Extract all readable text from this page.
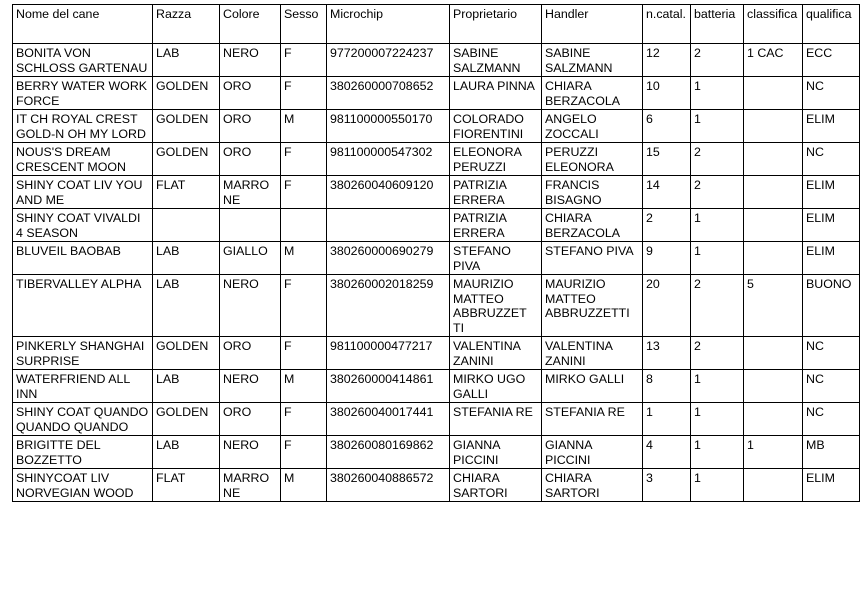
Nome del cane	Razza	Colore	Sesso	Microchip	Proprietario	Handler	n.catal.	batteria	classifica	qualifica
BONITA VON SCHLOSS GARTENAU	LAB	NERO	F	977200007224237	SABINE SALZMANN	SABINE SALZMANN	12	2	1 CAC	ECC
BERRY WATER WORK FORCE	GOLDEN	ORO	F	380260000708652	LAURA PINNA	CHIARA BERZACOLA	10	1		NC
IT CH ROYAL CREST GOLD-N OH MY LORD	GOLDEN	ORO	M	981100000550170	COLORADO FIORENTINI	ANGELO ZOCCALI	6	1		ELIM
NOUS'S DREAM CRESCENT MOON	GOLDEN	ORO	F	981100000547302	ELEONORA PERUZZI	PERUZZI ELEONORA	15	2		NC
SHINY COAT LIV YOU AND ME	FLAT	MARRO NE	F	380260040609120	PATRIZIA ERRERA	FRANCIS BISAGNO	14	2		ELIM
SHINY COAT VIVALDI 4 SEASON					PATRIZIA ERRERA	CHIARA BERZACOLA	2	1		ELIM
BLUVEIL BAOBAB	LAB	GIALLO	M	380260000690279	STEFANO PIVA	STEFANO PIVA	9	1		ELIM
TIBERVALLEY ALPHA	LAB	NERO	F	380260002018259	MAURIZIO MATTEO ABBRUZZET TI	MAURIZIO MATTEO ABBRUZZETTI	20	2	5	BUONO
PINKERLY SHANGHAI SURPRISE	GOLDEN	ORO	F	981100000477217	VALENTINA ZANINI	VALENTINA ZANINI	13	2		NC
WATERFRIEND ALL INN	LAB	NERO	M	380260000414861	MIRKO UGO GALLI	MIRKO GALLI	8	1		NC
SHINY COAT QUANDO QUANDO QUANDO	GOLDEN	ORO	F	380260040017441	STEFANIA RE	STEFANIA RE	1	1		NC
BRIGITTE DEL BOZZETTO	LAB	NERO	F	380260080169862	GIANNA PICCINI	GIANNA PICCINI	4	1	1	MB
SHINYCOAT LIV NORVEGIAN WOOD	FLAT	MARRO NE	M	380260040886572	CHIARA SARTORI	CHIARA SARTORI	3	1		ELIM
